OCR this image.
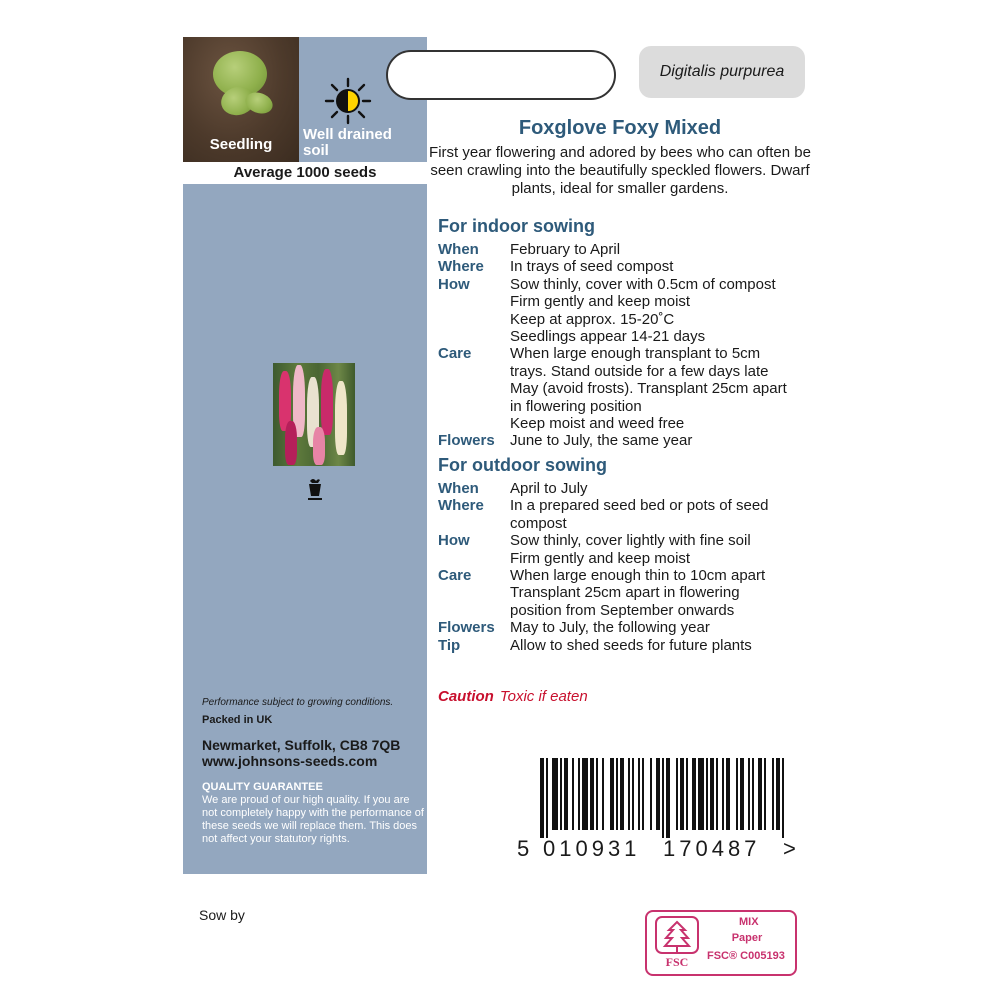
Seedling
Well drained soil
Average 1000 seeds
Performance subject to growing conditions.
Packed in UK
Newmarket, Suffolk, CB8 7QB
www.johnsons-seeds.com
QUALITY GUARANTEE
We are proud of our high quality. If you are not completely happy with the performance of these seeds we will replace them. This does not affect your statutory rights.
Digitalis purpurea
Foxglove Foxy Mixed
First year flowering and adored by bees who can often be seen crawling into the beautifully speckled flowers. Dwarf plants, ideal for smaller gardens.
For indoor sowing
When	February to April
Where	In trays of seed compost
How	Sow thinly, cover with 0.5cm of compost
Firm gently and keep moist
Keep at approx. 15-20˚C
Seedlings appear 14-21 days
Care	When large enough transplant to 5cm
trays. Stand outside for a few days late
May (avoid frosts). Transplant 25cm apart
in flowering position
Keep moist and weed free
Flowers	June to July, the same year
For outdoor sowing
When	April to July
Where	In a prepared seed bed or pots of seed
compost
How	Sow thinly, cover lightly with fine soil
Firm gently and keep moist
Care	When large enough thin to 10cm apart
Transplant 25cm apart in flowering
position from September onwards
Flowers	May to July, the following year
Tip	Allow to shed seeds for future plants
Caution Toxic if eaten
5 010931 170487 >
Sow by
FSC
MIX
Paper
FSC® C005193
